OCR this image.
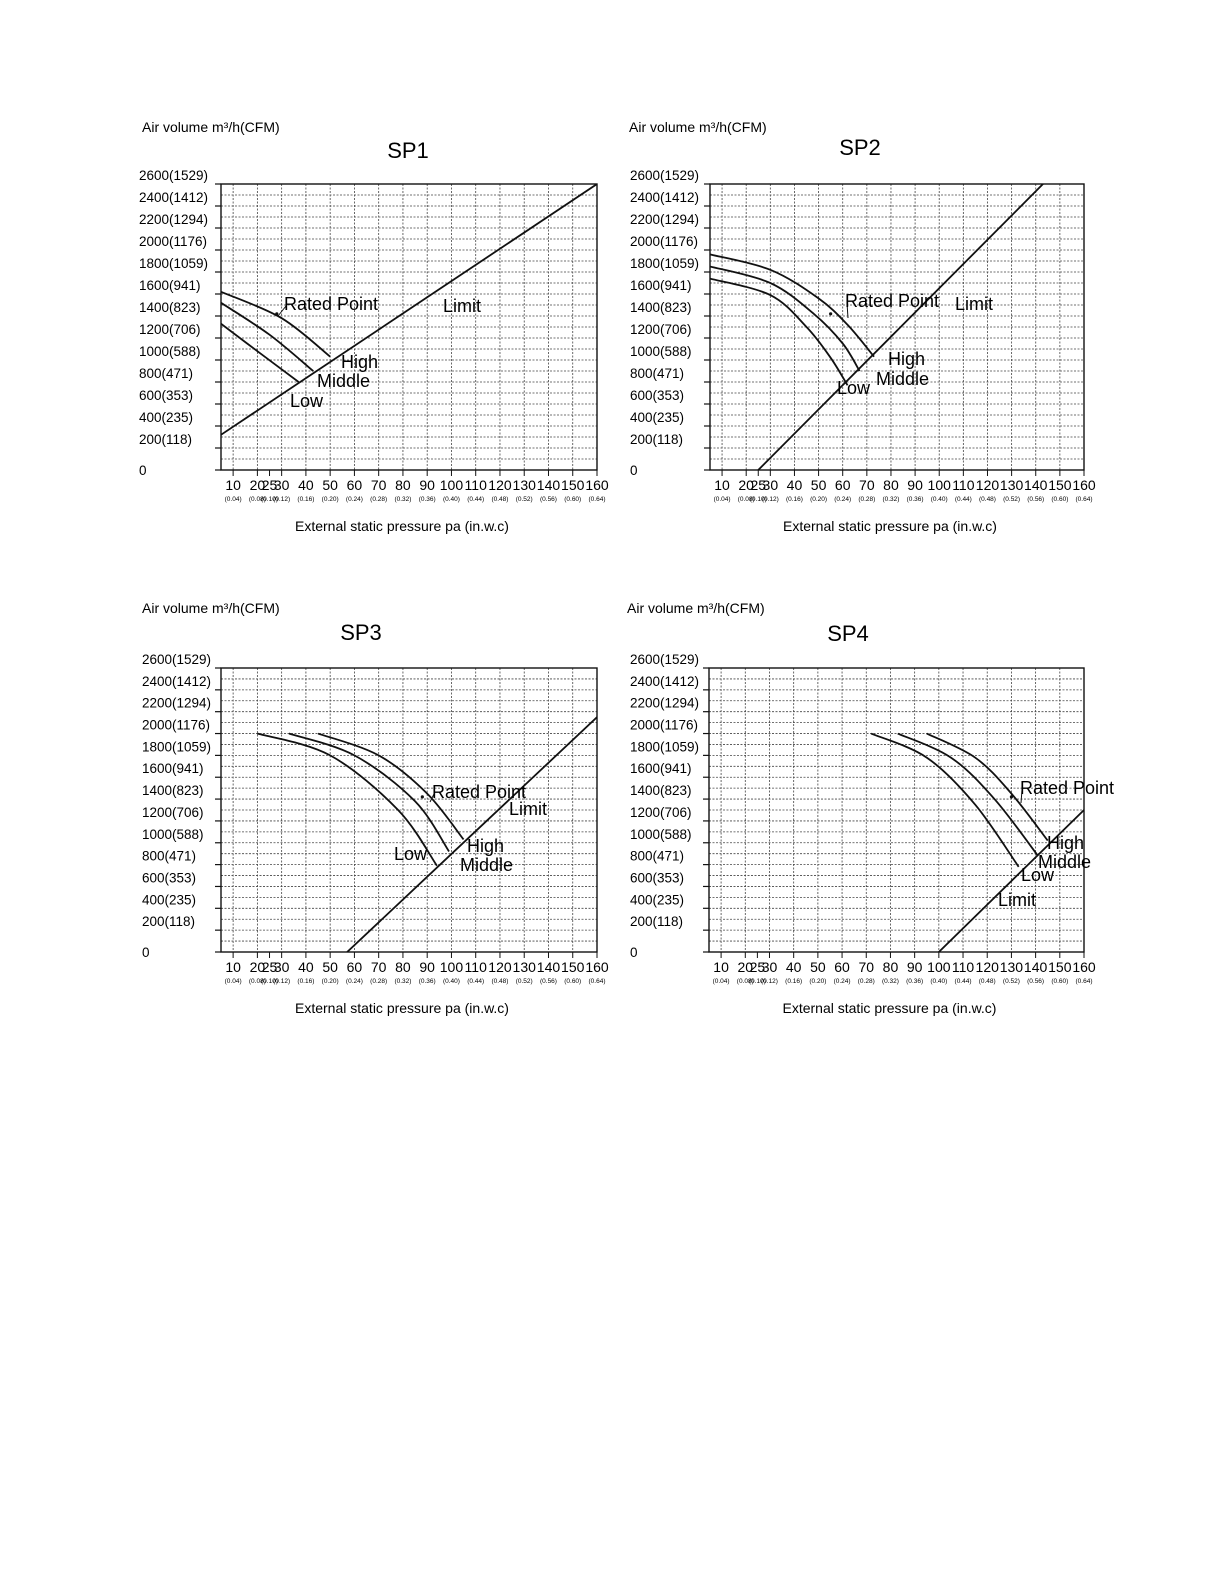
Air volume m³/h(CFM)
SP1
2600(1529)
2400(1412)
2200(1294)
2000(1176)
1800(1059)
1600(941)
1400(823)
1200(706)
1000(588)
800(471)
600(353)
400(235)
200(118)
0
10
(0.04)
20
(0.08)
25
(0.10)
30
(0.12)
40
(0.16)
50
(0.20)
60
(0.24)
70
(0.28)
80
(0.32)
90
(0.36)
100
(0.40)
110
(0.44)
120
(0.48)
130
(0.52)
140
(0.56)
150
(0.60)
160
(0.64)
External static pressure pa (in.w.c)
Rated Point	Limit
High
Middle
Low
Air volume m³/h(CFM)
SP2
2600(1529)
2400(1412)
2200(1294)
2000(1176)
1800(1059)
1600(941)
1400(823)
1200(706)
1000(588)
800(471)
600(353)
400(235)
200(118)
0
10
(0.04)
20
(0.08)
25
(0.10)
30
(0.12)
40
(0.16)
50
(0.20)
60
(0.24)
70
(0.28)
80
(0.32)
90
(0.36)
100
(0.40)
110
(0.44)
120
(0.48)
130
(0.52)
140
(0.56)
150
(0.60)
160
(0.64)
External static pressure pa (in.w.c)
Rated Point Limit
High
Middle
Low
Air volume m³/h(CFM)
SP3
2600(1529)
2400(1412)
2200(1294)
2000(1176)
1800(1059)
1600(941)
1400(823)
1200(706)
1000(588)
800(471)
600(353)
400(235)
200(118)
0
10
(0.04)
20
(0.08)
25
(0.10)
30
(0.12)
40
(0.16)
50
(0.20)
60
(0.24)
70
(0.28)
80
(0.32)
90
(0.36)
100
(0.40)
110
(0.44)
120
(0.48)
130
(0.52)
140
(0.56)
150
(0.60)
160
(0.64)
External static pressure pa (in.w.c)
Rated Point
Limit
High
Middle
Low
Air volume m³/h(CFM)
SP4
2600(1529)
2400(1412)
2200(1294)
2000(1176)
1800(1059)
1600(941)
1400(823)
1200(706)
1000(588)
800(471)
600(353)
400(235)
200(118)
0
10
(0.04)
20
(0.08)
25
(0.10)
30
(0.12)
40
(0.16)
50
(0.20)
60
(0.24)
70
(0.28)
80
(0.32)
90
(0.36)
100
(0.40)
110
(0.44)
120
(0.48)
130
(0.52)
140
(0.56)
150
(0.60)
160
(0.64)
External static pressure pa (in.w.c)
Rated Point
Limit
High
Middle
Low
